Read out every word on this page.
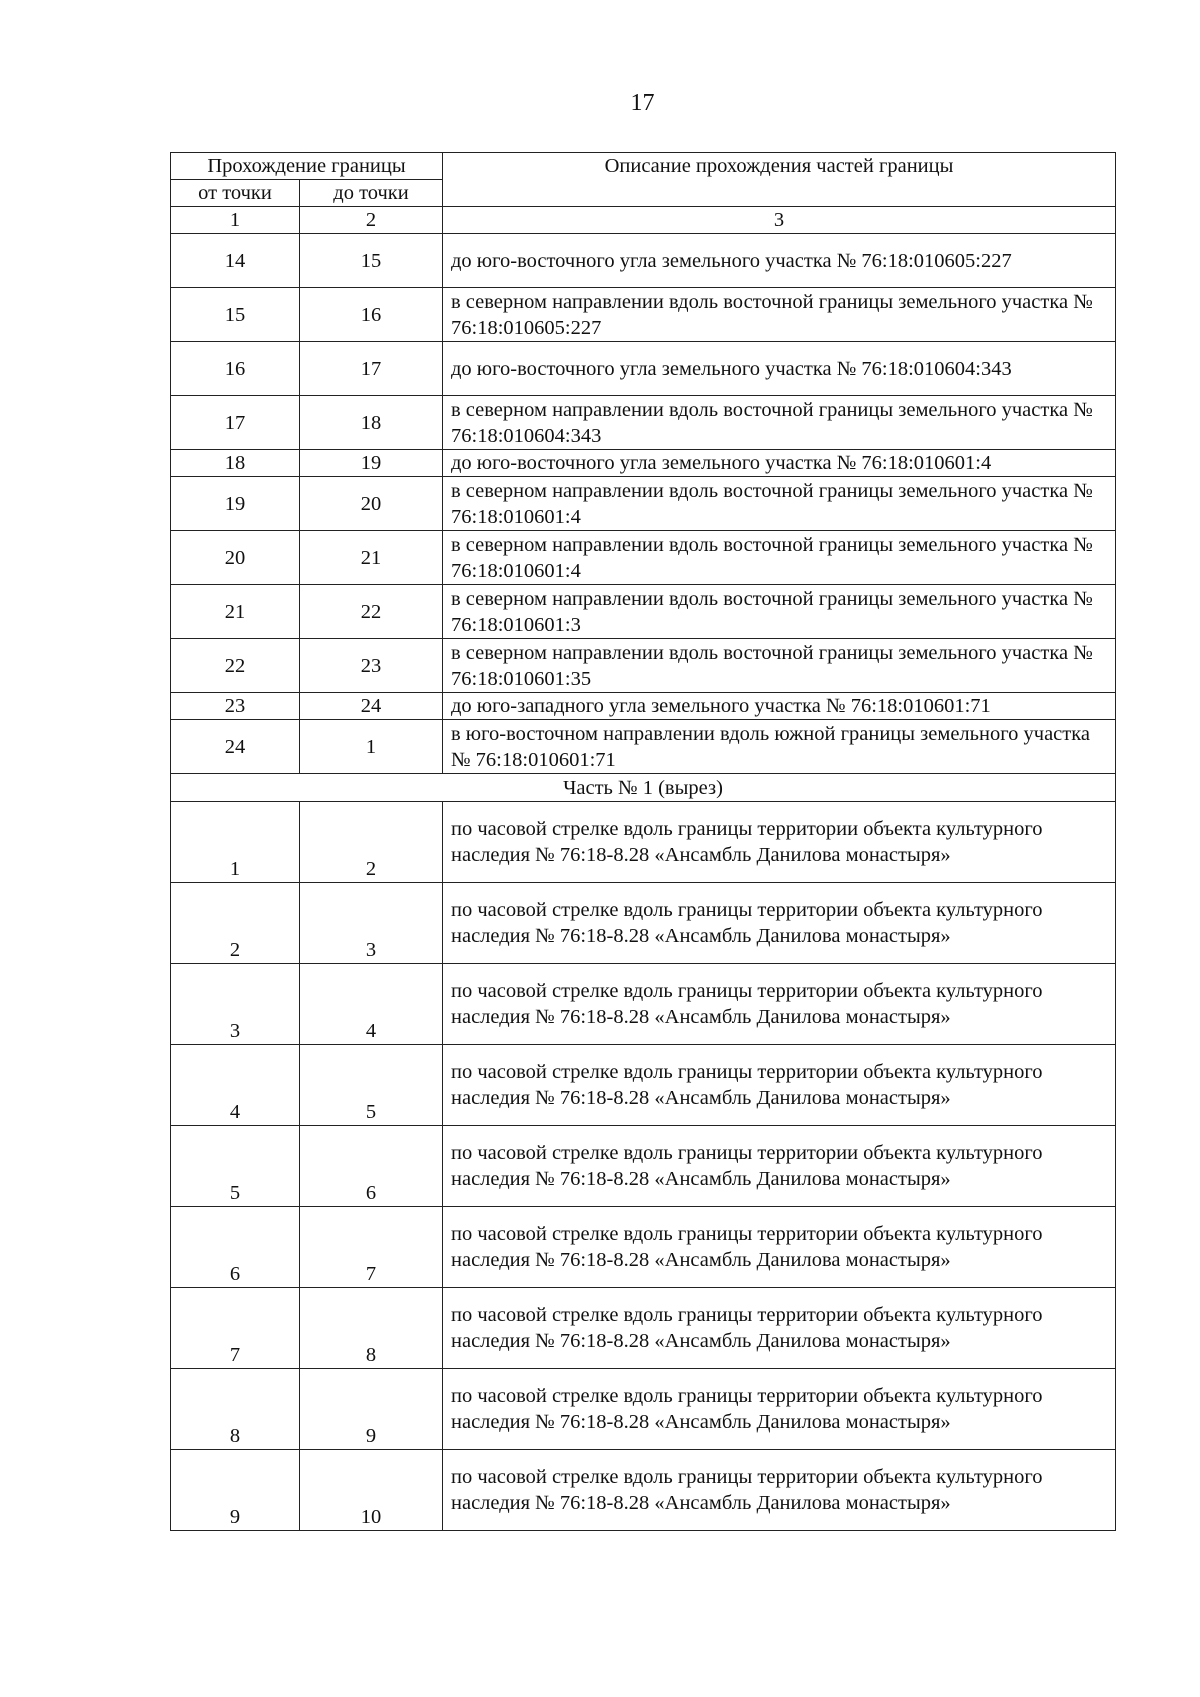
17
Прохождение границы		Описание прохождения частей границы
от точки	до точки	
1	2	3
14	15	до юго-восточного угла земельного участка № 76:18:010605:227
15	16	в северном направлении вдоль восточной границы земельного участка № 76:18:010605:227
16	17	до юго-восточного угла земельного участка № 76:18:010604:343
17	18	в северном направлении вдоль восточной границы земельного участка № 76:18:010604:343
18	19	до юго-восточного угла земельного участка № 76:18:010601:4
19	20	в северном направлении вдоль восточной границы земельного участка № 76:18:010601:4
20	21	в северном направлении вдоль восточной границы земельного участка № 76:18:010601:4
21	22	в северном направлении вдоль восточной границы земельного участка № 76:18:010601:3
22	23	в северном направлении вдоль восточной границы земельного участка № 76:18:010601:35
23	24	до юго-западного угла земельного участка № 76:18:010601:71
24	1	в юго-восточном направлении вдоль южной границы земельного участка № 76:18:010601:71
Часть № 1 (вырез)		
1	2	по часовой стрелке вдоль границы территории объекта культурного наследия № 76:18-8.28 «Ансамбль Данилова монастыря»
2	3	по часовой стрелке вдоль границы территории объекта культурного наследия № 76:18-8.28 «Ансамбль Данилова монастыря»
3	4	по часовой стрелке вдоль границы территории объекта культурного наследия № 76:18-8.28 «Ансамбль Данилова монастыря»
4	5	по часовой стрелке вдоль границы территории объекта культурного наследия № 76:18-8.28 «Ансамбль Данилова монастыря»
5	6	по часовой стрелке вдоль границы территории объекта культурного наследия № 76:18-8.28 «Ансамбль Данилова монастыря»
6	7	по часовой стрелке вдоль границы территории объекта культурного наследия № 76:18-8.28 «Ансамбль Данилова монастыря»
7	8	по часовой стрелке вдоль границы территории объекта культурного наследия № 76:18-8.28 «Ансамбль Данилова монастыря»
8	9	по часовой стрелке вдоль границы территории объекта культурного наследия № 76:18-8.28 «Ансамбль Данилова монастыря»
9	10	по часовой стрелке вдоль границы территории объекта культурного наследия № 76:18-8.28 «Ансамбль Данилова монастыря»
